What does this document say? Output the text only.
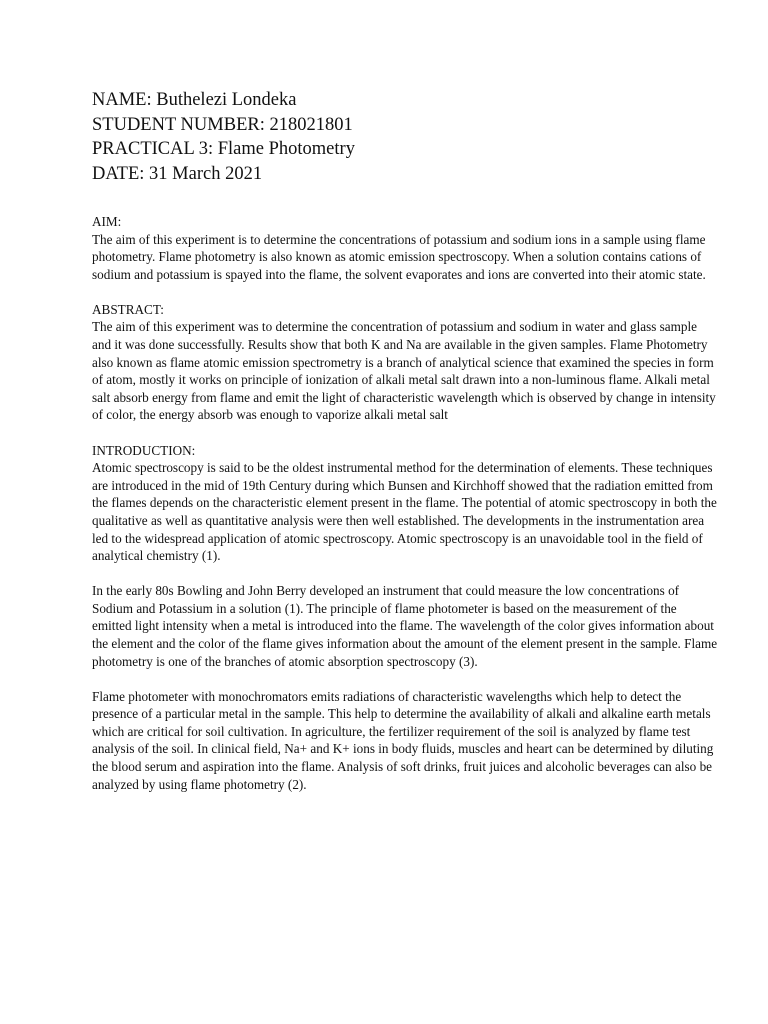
NAME: Buthelezi Londeka

STUDENT NUMBER: 218021801

PRACTICAL 3: Flame Photometry

DATE: 31 March 2021

AIM:

The aim of this experiment is to determine the concentrations of potassium and sodium ions in a sample using flame photometry. Flame photometry is also known as atomic emission spectroscopy. When a solution contains cations of sodium and potassium is spayed into the flame, the solvent evaporates and ions are converted into their atomic state.

ABSTRACT:

The aim of this experiment was to determine the concentration of potassium and sodium in water and glass sample and it was done successfully. Results show that both K and Na are available in the given samples. Flame Photometry also known as flame atomic emission spectrometry is a branch of analytical science that examined the species in form of atom, mostly it works on principle of ionization of alkali metal salt drawn into a non-luminous flame. Alkali metal salt absorb energy from flame and emit the light of characteristic wavelength which is observed by change in intensity of color, the energy absorb was enough to vaporize alkali metal salt

INTRODUCTION:

Atomic spectroscopy is said to be the oldest instrumental method for the determination of elements. These techniques are introduced in the mid of 19th Century during which Bunsen and Kirchhoff showed that the radiation emitted from the flames depends on the characteristic element present in the flame. The potential of atomic spectroscopy in both the qualitative as well as quantitative analysis were then well established. The developments in the instrumentation area led to the widespread application of atomic spectroscopy. Atomic spectroscopy is an unavoidable tool in the field of analytical chemistry (1).

In the early 80s Bowling and John Berry developed an instrument that could measure the low concentrations of Sodium and Potassium in a solution (1). The principle of flame photometer is based on the measurement of the emitted light intensity when a metal is introduced into the flame. The wavelength of the color gives information about the element and the color of the flame gives information about the amount of the element present in the sample. Flame photometry is one of the branches of atomic absorption spectroscopy (3).

Flame photometer with monochromators emits radiations of characteristic wavelengths which help to detect the presence of a particular metal in the sample. This help to determine the availability of alkali and alkaline earth metals which are critical for soil cultivation. In agriculture, the fertilizer requirement of the soil is analyzed by flame test analysis of the soil. In clinical field, Na+ and K+ ions in body fluids, muscles and heart can be determined by diluting the blood serum and aspiration into the flame. Analysis of soft drinks, fruit juices and alcoholic beverages can also be analyzed by using flame photometry (2).
